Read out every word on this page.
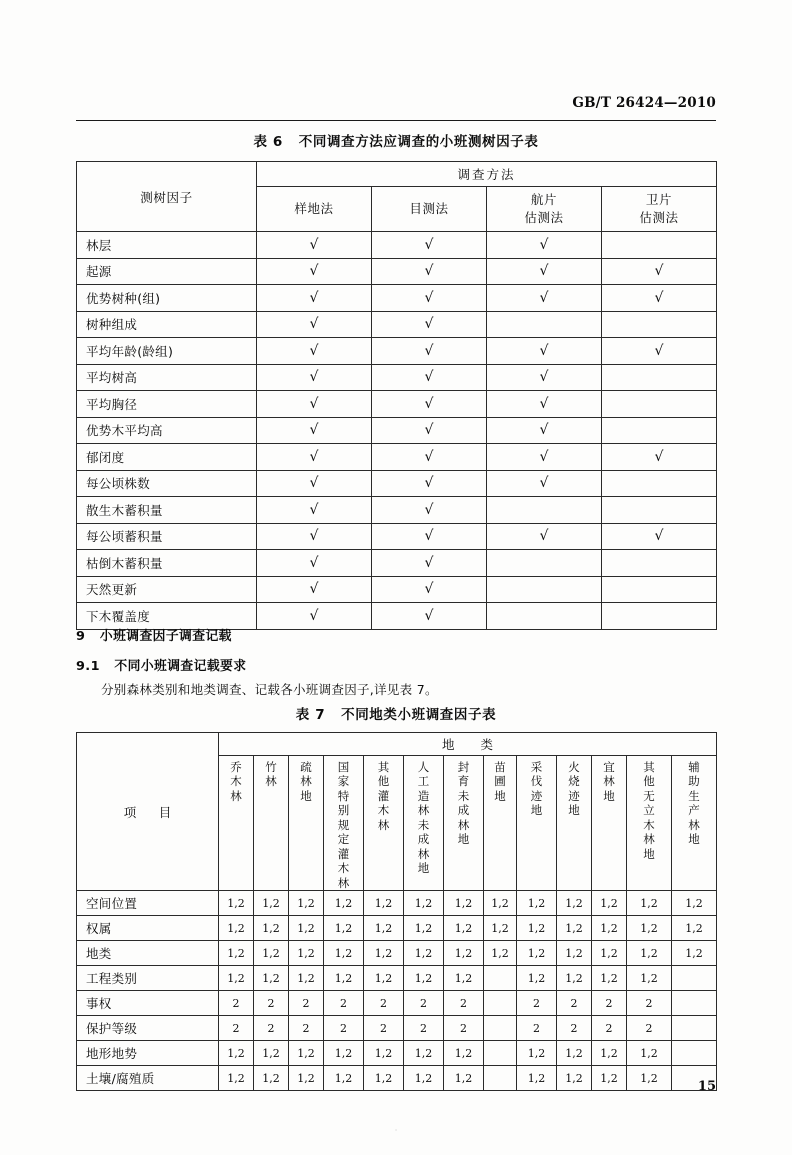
GB/T 26424—2010
表 6   不同调查方法应调查的小班测树因子表
测树因子	调查方法			

样地法	目测法

航片
估测法

卫片
估测法

林层	√	√	√	
起源	√	√	√	√
优势树种(组)	√	√	√	√
树种组成	√	√		
平均年龄(龄组)	√	√	√	√
平均树高	√	√	√	
平均胸径	√	√	√	
优势木平均高	√	√	√	
郁闭度	√	√	√	√
每公顷株数	√	√	√	
散生木蓄积量	√	√		
每公顷蓄积量	√	√	√	√
枯倒木蓄积量	√	√		
天然更新	√	√		
下木覆盖度	√	√		
9   小班调查因子调查记载
9.1   不同小班调查记载要求
分别森林类别和地类调查、记载各小班调查因子,详见表 7。
表 7   不同地类小班调查因子表
项　目	地类												

	乔木林	竹林	疏林地	国家特别规定灌木林	其他灌木林	人工造林未成林地	封育未成林地	苗圃地	采伐迹地	火烧迹地	宜林地	其他无立木林地	辅助生产林地

空间位置	1,2	1,2	1,2	1,2	1,2	1,2	1,2	1,2	1,2	1,2	1,2	1,2	1,2
权属	1,2	1,2	1,2	1,2	1,2	1,2	1,2	1,2	1,2	1,2	1,2	1,2	1,2
地类	1,2	1,2	1,2	1,2	1,2	1,2	1,2	1,2	1,2	1,2	1,2	1,2	1,2
工程类别	1,2	1,2	1,2	1,2	1,2	1,2	1,2		1,2	1,2	1,2	1,2	
事权	2	2	2	2	2	2	2		2	2	2	2	
保护等级	2	2	2	2	2	2	2		2	2	2	2	
地形地势	1,2	1,2	1,2	1,2	1,2	1,2	1,2		1,2	1,2	1,2	1,2	
土壤/腐殖质	1,2	1,2	1,2	1,2	1,2	1,2	1,2		1,2	1,2	1,2	1,2	
15
·
